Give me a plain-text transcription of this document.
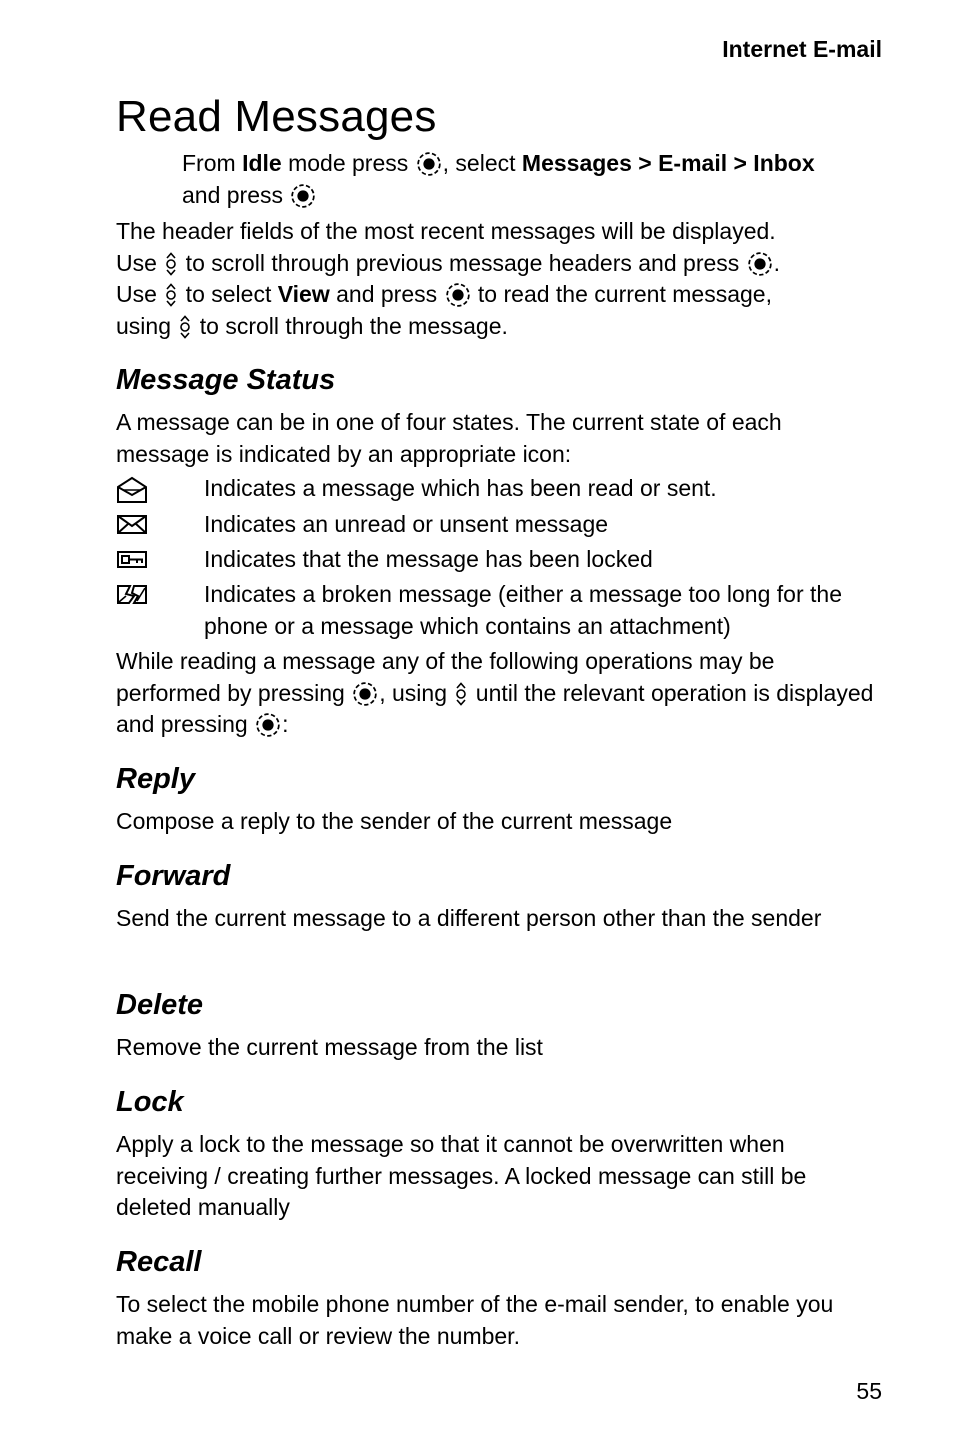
Internet E-mail
Read Messages

From Idle mode press , select Messages > E-mail > Inbox
and press

The header fields of the most recent messages will be displayed.
Use  to scroll through previous message headers and press .
Use  to select View and press  to read the current message,
using  to scroll through the message.

Message Status

A message can be in one of four states. The current state of each message is indicated by an appropriate icon:

Indicates a message which has been read or sent.
Indicates an unread or unsent message
Indicates that the message has been locked
Indicates a broken message (either a message too long for the phone or a message which contains an attachment)

While reading a message any of the following operations may be performed by pressing , using  until the relevant operation is displayed and pressing :

Reply

Compose a reply to the sender of the current message

Forward

Send the current message to a different person other than the sender

Delete

Remove the current message from the list

Lock

Apply a lock to the message so that it cannot be overwritten when receiving / creating further messages. A locked message can still be deleted manually

Recall

To select the mobile phone number of the e-mail sender, to enable you make a voice call or review the number.

55
